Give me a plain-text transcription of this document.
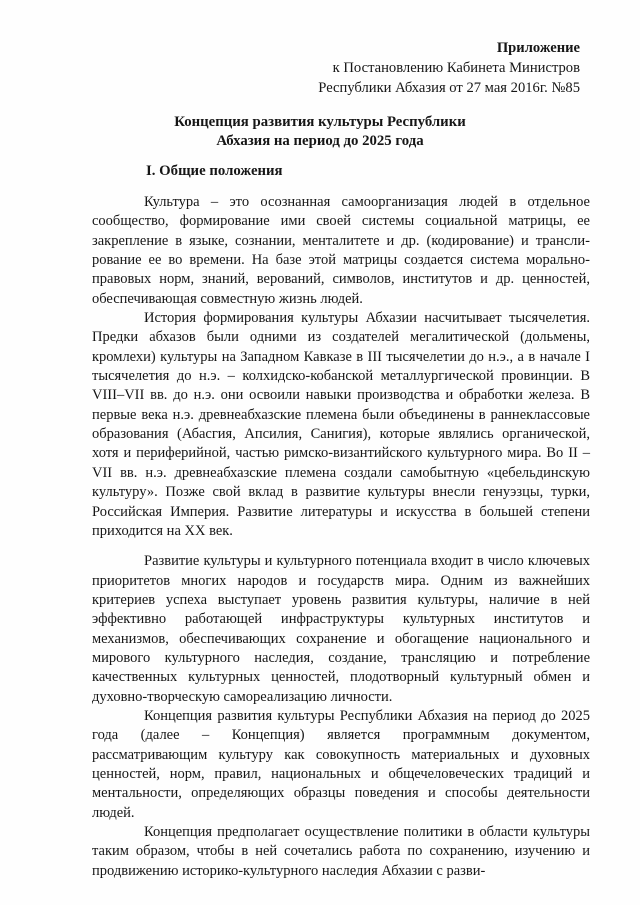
Приложение
к Постановлению Кабинета Министров
Республики Абхазия от 27 мая 2016г. №85
Концепция развития культуры Республики
Абхазия на период до 2025 года
I. Общие положения

Культура – это осознанная самоорганизация людей в отдельное сообщество, формирование ими своей системы социальной матрицы, ее закрепление в языке, сознании, менталитете и др. (кодирование) и транслирование ее во времени. На базе этой матрицы создается система морально-правовых норм, знаний, верований, символов, институтов и др. ценностей, обеспечивающая совместную жизнь людей.

История формирования культуры Абхазии насчитывает тысячелетия. Предки абхазов были одними из создателей мегалитической (дольмены, кромлехи) культуры на Западном Кавказе в III тысячелетии до н.э., а в начале I тысячелетия до н.э. – колхидско-кобанской металлургической провинции. В VIII–VII вв. до н.э. они освоили навыки производства и обработки железа. В первые века н.э. древнеабхазские племена были объединены в раннеклассовые образования (Абасгия, Апсилия, Санигия), которые являлись органической, хотя и периферийной, частью римско-византийского культурного мира. Во II – VII вв. н.э. древнеабхазские племена создали самобытную «цебельдинскую культуру». Позже свой вклад в развитие культуры внесли генуэзцы, турки, Российская Империя. Развитие литературы и искусства в большей степени приходится на XX век.

Развитие культуры и культурного потенциала входит в число ключевых приоритетов многих народов и государств мира. Одним из важнейших критериев успеха выступает уровень развития культуры, наличие в ней эффективно работающей инфраструктуры культурных институтов и механизмов, обеспечивающих сохранение и обогащение национального и мирового культурного наследия, создание, трансляцию и потребление качественных культурных ценностей, плодотворный культурный обмен и духовно-творческую самореализацию личности.

Концепция развития культуры Республики Абхазия на период до 2025 года (далее – Концепция) является программным документом, рассматривающим культуру как совокупность материальных и духовных ценностей, норм, правил, национальных и общечеловеческих традиций и ментальности, определяющих образцы поведения и способы деятельности людей.

Концепция предполагает осуществление политики в области культуры таким образом, чтобы в ней сочетались работа по сохранению, изучению и продвижению историко-культурного наследия Абхазии с разви-
